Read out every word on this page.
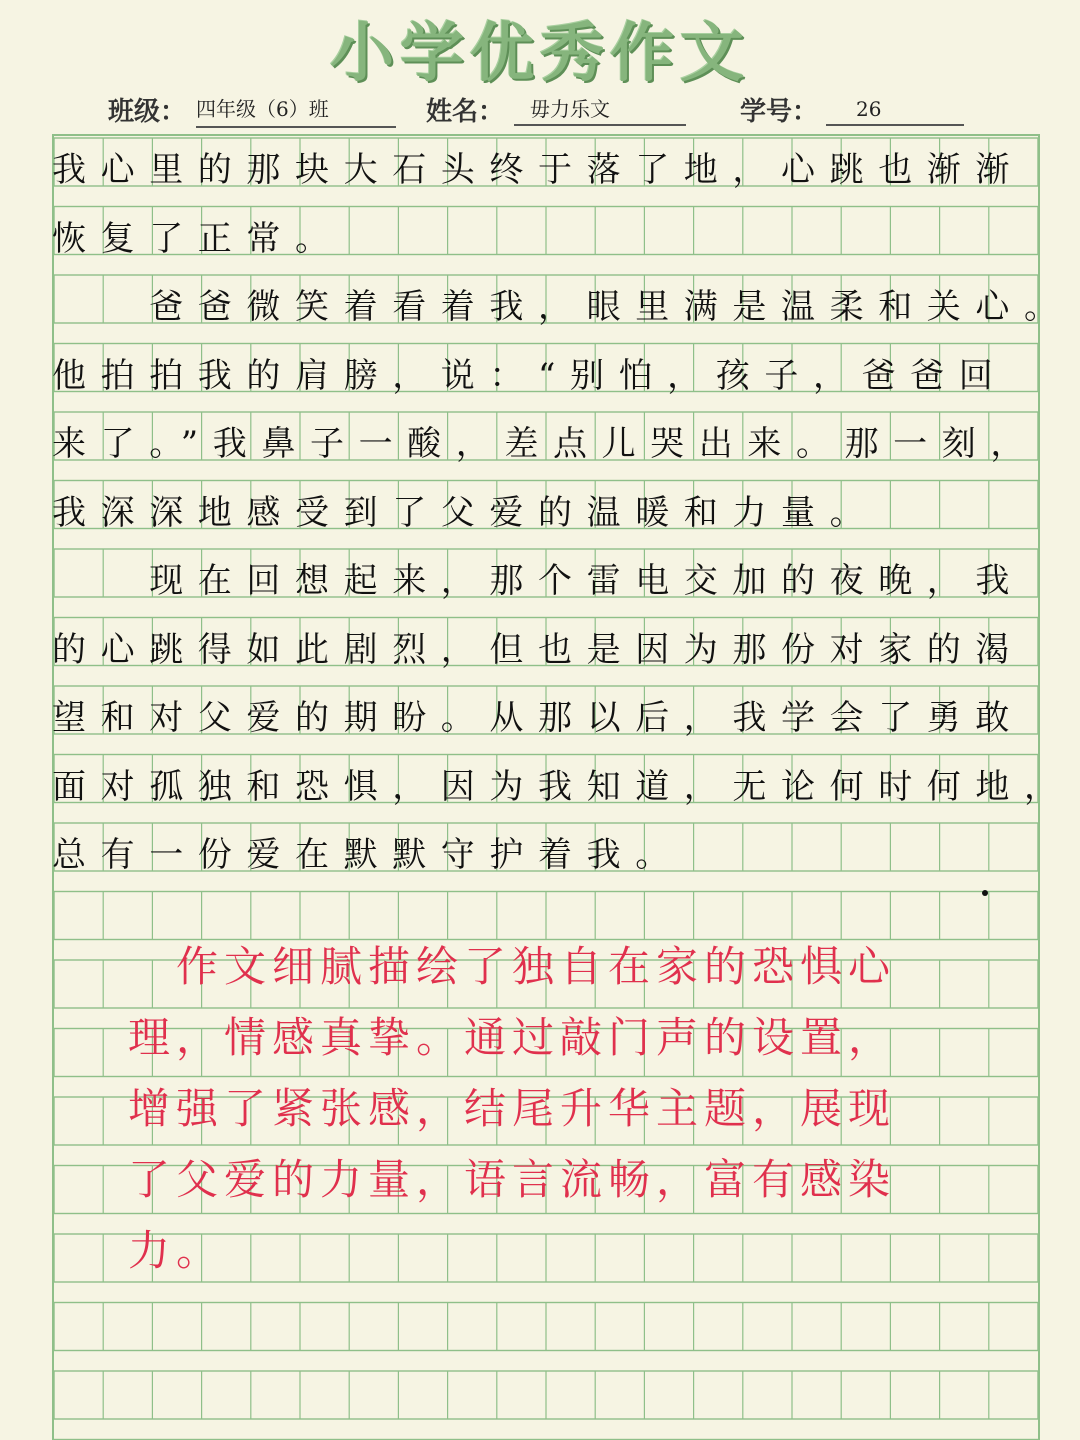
小学优秀作文
班级： 四年级（6）班	姓名：	毋力乐文	学号：	26
我心里的那块大石头终于落了地，心跳也渐渐
恢复了正常。
　　爸爸微笑着看着我，眼里满是温柔和关心。
他拍拍我的肩膀，说：“别怕，孩子，爸爸回
来了。”我鼻子一酸，差点儿哭出来。那一刻，
我深深地感受到了父爱的温暖和力量。
　　现在回想起来，那个雷电交加的夜晚，我
的心跳得如此剧烈，但也是因为那份对家的渴
望和对父爱的期盼。从那以后，我学会了勇敢
面对孤独和恐惧，因为我知道，无论何时何地，
总有一份爱在默默守护着我。
　作文细腻描绘了独自在家的恐惧心
理，情感真挚。通过敲门声的设置，
增强了紧张感，结尾升华主题，展现
了父爱的力量，语言流畅，富有感染
力。
